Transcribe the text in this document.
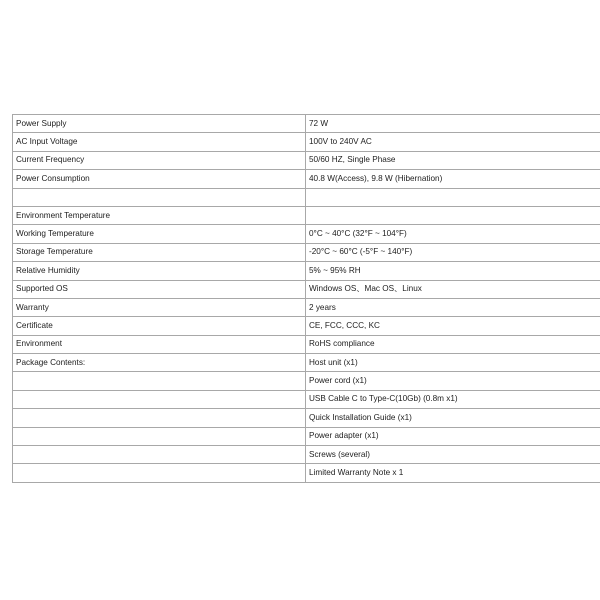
Power Supply	72 W
AC Input Voltage	100V to 240V AC
Current Frequency	50/60 HZ, Single Phase
Power Consumption	40.8 W(Access), 9.8 W (Hibernation)

Environment Temperature	
Working Temperature	0°C ~ 40°C (32°F ~ 104°F)
Storage Temperature	-20°C ~ 60°C (-5°F ~ 140°F)
Relative Humidity	5% ~ 95% RH
Supported OS	Windows OS、Mac OS、Linux
Warranty	2 years
Certificate	CE, FCC, CCC, KC
Environment	RoHS compliance
Package Contents:	Host unit (x1)
	Power cord (x1)
	USB Cable C to Type-C(10Gb) (0.8m x1)
	Quick Installation Guide (x1)
	Power adapter (x1)
	Screws (several)
	Limited Warranty Note x 1
